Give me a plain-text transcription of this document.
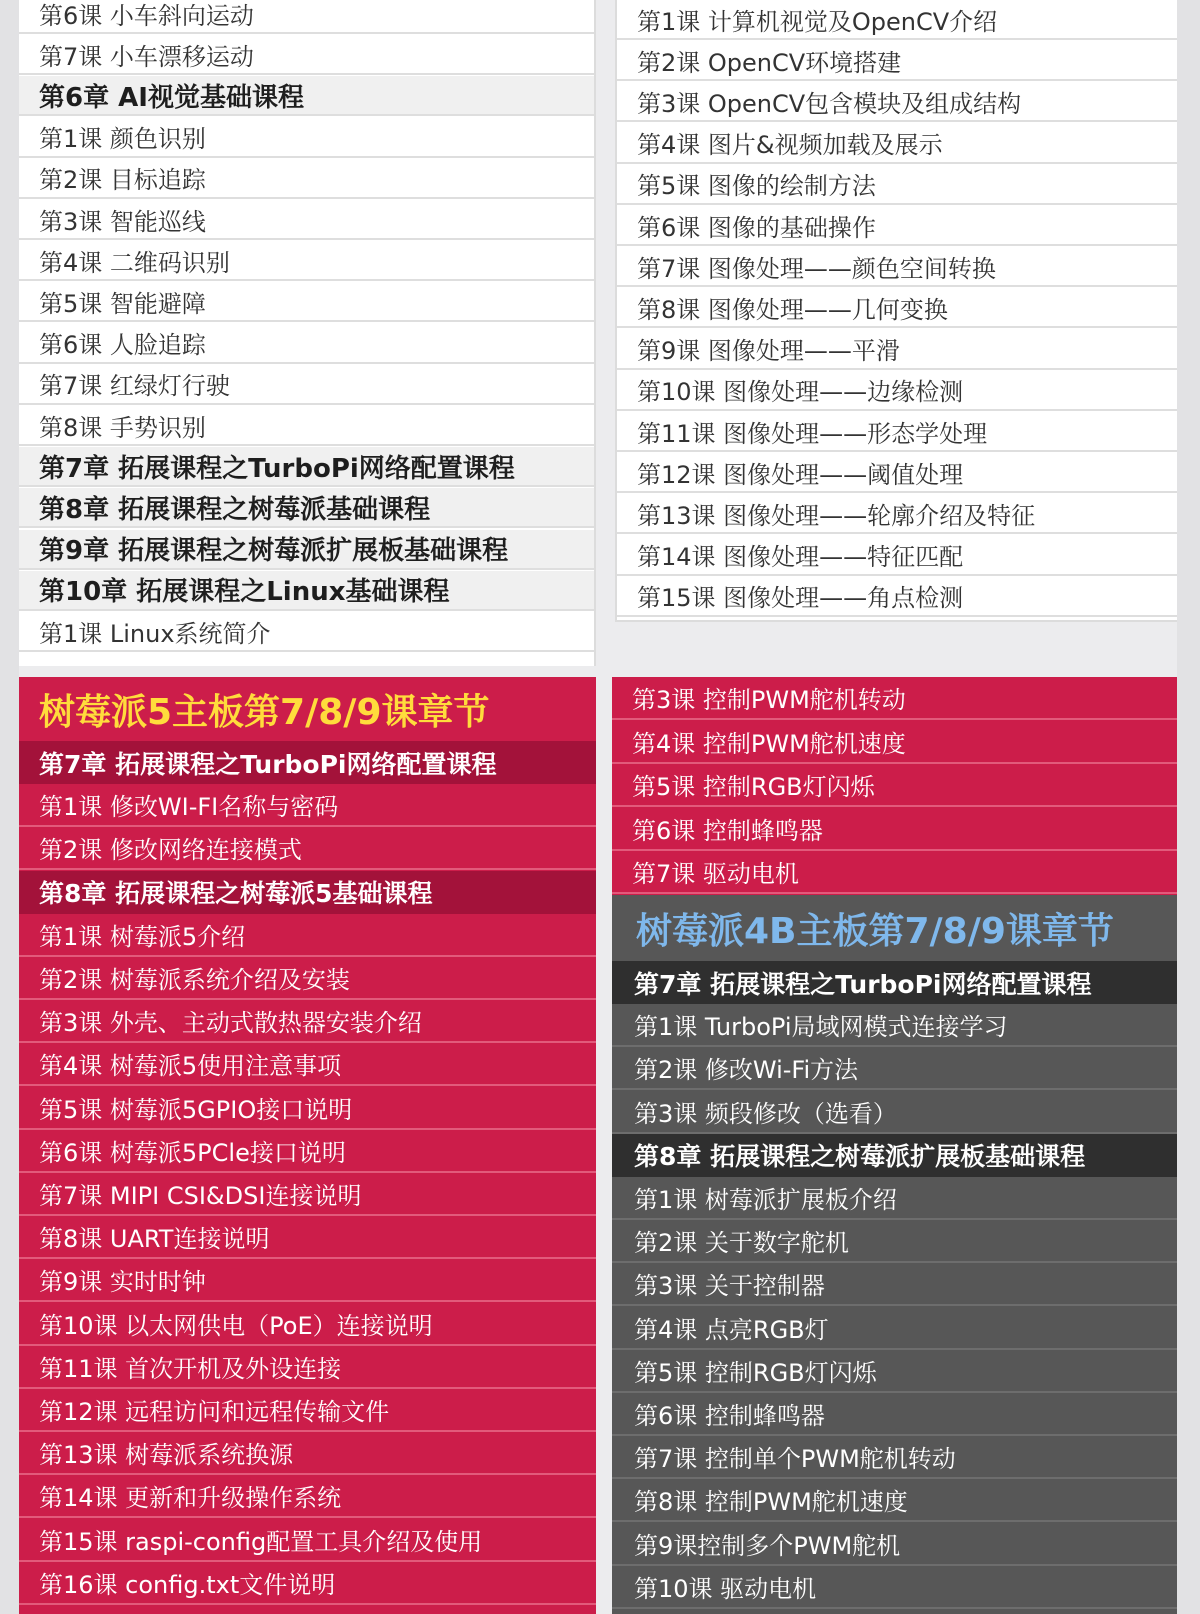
第6课 小车斜向运动
第7课 小车漂移运动
第6章 AI视觉基础课程
第1课 颜色识别
第2课 目标追踪
第3课 智能巡线
第4课 二维码识别
第5课 智能避障
第6课 人脸追踪
第7课 红绿灯行驶
第8课 手势识别
第7章 拓展课程之TurboPi网络配置课程
第8章 拓展课程之树莓派基础课程
第9章 拓展课程之树莓派扩展板基础课程
第10章 拓展课程之Linux基础课程
第1课 Linux系统简介
第1课 计算机视觉及OpenCV介绍
第2课 OpenCV环境搭建
第3课 OpenCV包含模块及组成结构
第4课 图片&视频加载及展示
第5课 图像的绘制方法
第6课 图像的基础操作
第7课 图像处理——颜色空间转换
第8课 图像处理——几何变换
第9课 图像处理——平滑
第10课 图像处理——边缘检测
第11课 图像处理——形态学处理
第12课 图像处理——阈值处理
第13课 图像处理——轮廓介绍及特征
第14课 图像处理——特征匹配
第15课 图像处理——角点检测
树莓派5主板第7/8/9课章节
第7章 拓展课程之TurboPi网络配置课程
第1课 修改WI-FI名称与密码
第2课 修改网络连接模式
第8章 拓展课程之树莓派5基础课程
第1课 树莓派5介绍
第2课 树莓派系统介绍及安装
第3课 外壳、主动式散热器安装介绍
第4课 树莓派5使用注意事项
第5课 树莓派5GPIO接口说明
第6课 树莓派5PCle接口说明
第7课 MIPI CSI&DSI连接说明
第8课 UART连接说明
第9课 实时时钟
第10课 以太网供电（PoE）连接说明
第11课 首次开机及外设连接
第12课 远程访问和远程传输文件
第13课 树莓派系统换源
第14课 更新和升级操作系统
第15课 raspi-config配置工具介绍及使用
第16课 config.txt文件说明
第3课 控制PWM舵机转动
第4课 控制PWM舵机速度
第5课 控制RGB灯闪烁
第6课 控制蜂鸣器
第7课 驱动电机
树莓派4B主板第7/8/9课章节
第7章 拓展课程之TurboPi网络配置课程
第1课 TurboPi局域网模式连接学习
第2课 修改Wi-Fi方法
第3课 频段修改（选看）
第8章 拓展课程之树莓派扩展板基础课程
第1课 树莓派扩展板介绍
第2课 关于数字舵机
第3课 关于控制器
第4课 点亮RGB灯
第5课 控制RGB灯闪烁
第6课 控制蜂鸣器
第7课 控制单个PWM舵机转动
第8课 控制PWM舵机速度
第9课控制多个PWM舵机
第10课 驱动电机
